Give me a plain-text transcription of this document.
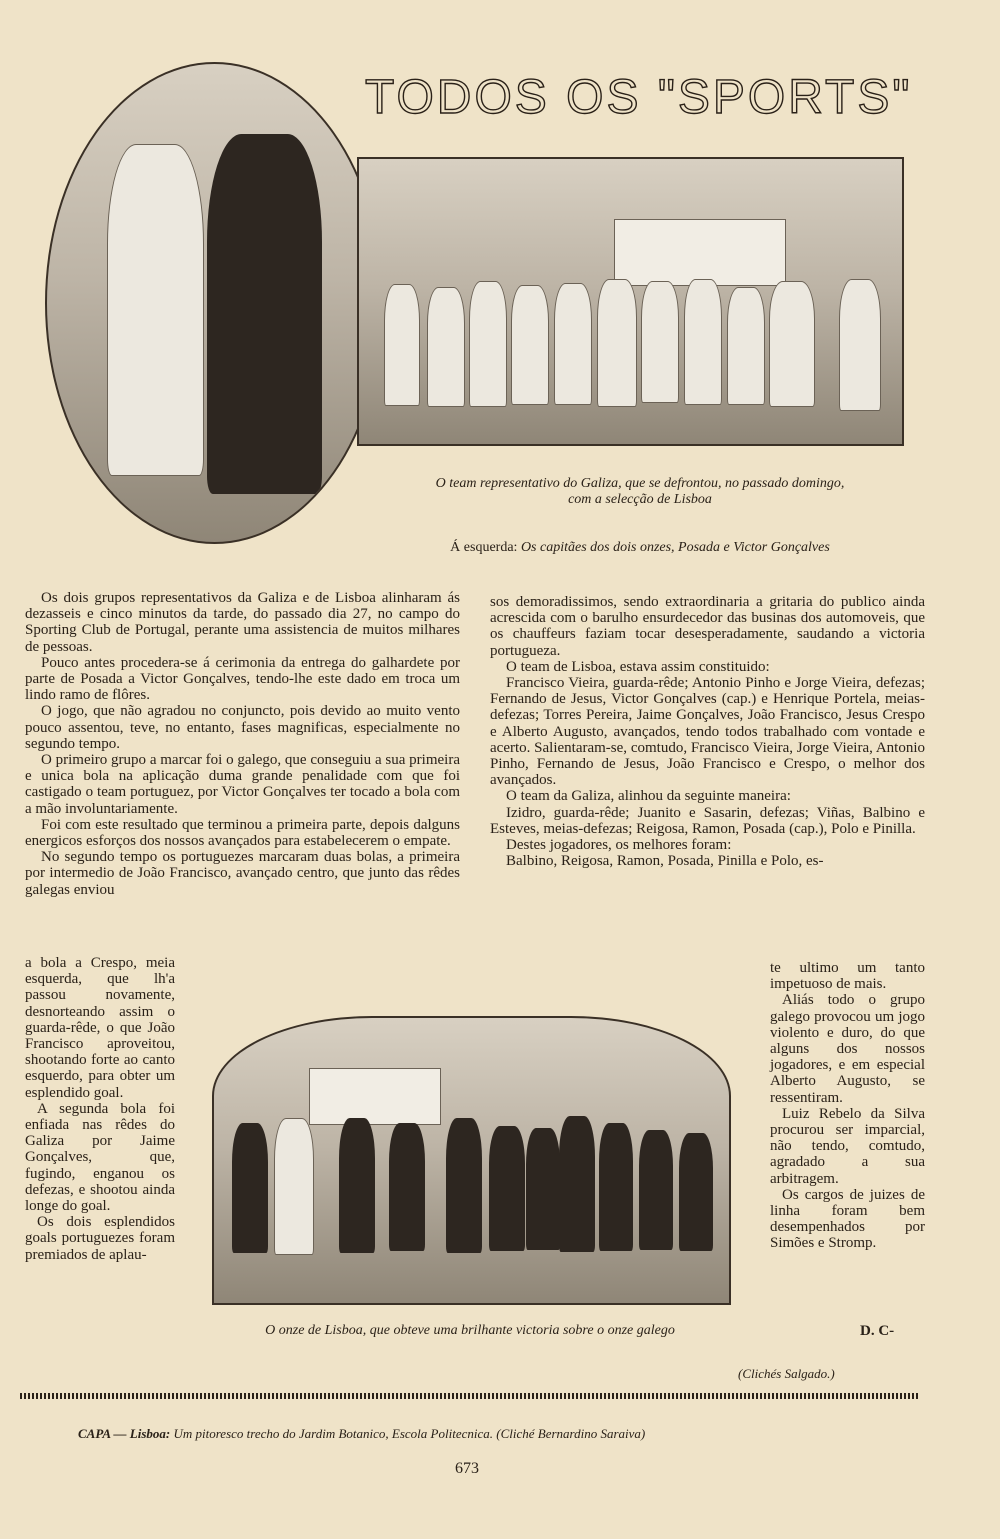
TODOS OS "SPORTS"
O team representativo do Galiza, que se defrontou, no passado domingo,
com a selecção de Lisboa
Á esquerda: Os capitães dos dois onzes, Posada e Victor Gonçalves

Os dois grupos representativos da Galiza e de Lisboa alinharam ás dezasseis e cinco minutos da tarde, do passado dia 27, no campo do Sporting Club de Portugal, perante uma assistencia de muitos milhares de pessoas.

Pouco antes procedera-se á cerimonia da entrega do galhardete por parte de Posada a Victor Gonçalves, tendo-lhe este dado em troca um lindo ramo de flôres.

O jogo, que não agradou no conjuncto, pois devido ao muito vento pouco assentou, teve, no entanto, fases magnificas, especialmente no segundo tempo.

O primeiro grupo a marcar foi o galego, que conseguiu a sua primeira e unica bola na aplicação duma grande penalidade com que foi castigado o team portuguez, por Victor Gonçalves ter tocado a bola com a mão involuntariamente.

Foi com este resultado que terminou a primeira parte, depois dalguns energicos esforços dos nossos avançados para estabelecerem o empate.

No segundo tempo os portuguezes marcaram duas bolas, a primeira por intermedio de João Francisco, avançado centro, que junto das rêdes galegas enviou

a bola a Crespo, meia esquerda, que lh'a passou novamente, desnorteando assim o guarda-rêde, o que João Francisco aproveitou, shootando forte ao canto esquerdo, para obter um esplendido goal.

A segunda bola foi enfiada nas rêdes do Galiza por Jaime Gonçalves, que, fugindo, enganou os defezas, e shootou ainda longe do goal.

Os dois esplendidos goals portuguezes foram premiados de aplau-

sos demoradissimos, sendo extraordinaria a gritaria do publico ainda acrescida com o barulho ensurdecedor das businas dos automoveis, que os chauffeurs faziam tocar desesperadamente, saudando a victoria portugueza.

O team de Lisboa, estava assim constituido:

Francisco Vieira, guarda-rêde; Antonio Pinho e Jorge Vieira, defezas; Fernando de Jesus, Victor Gonçalves (cap.) e Henrique Portela, meias-defezas; Torres Pereira, Jaime Gonçalves, João Francisco, Jesus Crespo e Alberto Augusto, avançados, tendo todos trabalhado com vontade e acerto. Salientaram-se, comtudo, Francisco Vieira, Jorge Vieira, Antonio Pinho, Fernando de Jesus, João Francisco e Crespo, o melhor dos avançados.

O team da Galiza, alinhou da seguinte maneira:

Izidro, guarda-rêde; Juanito e Sasarin, defezas; Viñas, Balbino e Esteves, meias-defezas; Reigosa, Ramon, Posada (cap.), Polo e Pinilla.

Destes jogadores, os melhores foram:

Balbino, Reigosa, Ramon, Posada, Pinilla e Polo, es-

te ultimo um tanto impetuoso de mais.

Aliás todo o grupo galego provocou um jogo violento e duro, do que alguns dos nossos jogadores, e em especial Alberto Augusto, se ressentiram.

Luiz Rebelo da Silva procurou ser imparcial, não tendo, comtudo, agradado a sua arbitragem.

Os cargos de juizes de linha foram bem desempenhados por Simões e Stromp.

O onze de Lisboa, que obteve uma brilhante victoria sobre o onze galego	D. C-
(Clichés Salgado.)
CAPA — Lisboa: Um pitoresco trecho do Jardim Botanico, Escola Politecnica. (Cliché Bernardino Saraiva)
673
